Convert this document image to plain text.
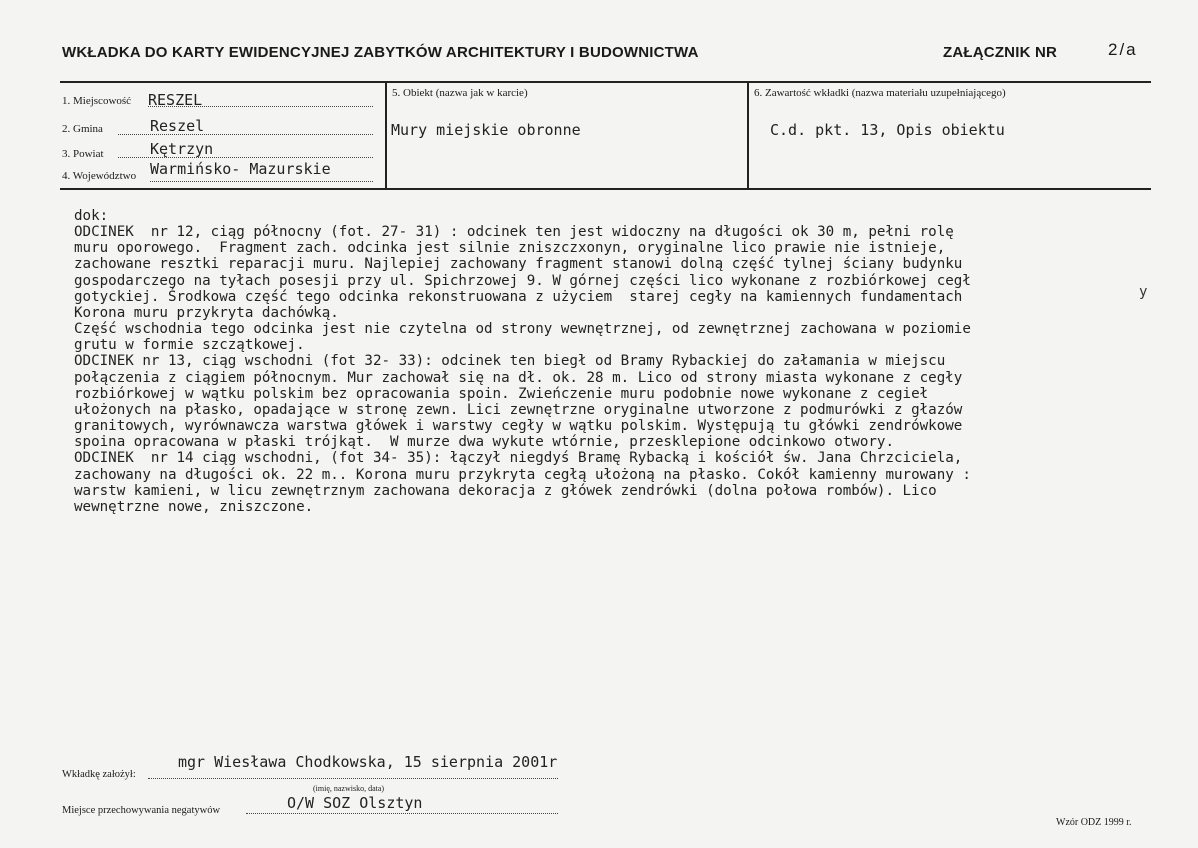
WKŁADKA DO KARTY EWIDENCYJNEJ ZABYTKÓW ARCHITEKTURY I BUDOWNICTWA	ZAŁĄCZNIK NR	2/a
1. Miejscowość RESZEL
2. Gmina	Reszel
3. Powiat	Kętrzyn
4. Województwo Warmińsko- Mazurskie
5. Obiekt (nazwa jak w karcie)
Mury miejskie obronne
6. Zawartość wkładki (nazwa materiału uzupełniającego)
C.d. pkt. 13, Opis obiektu
dok:
ODCINEK  nr 12, ciąg północny (fot. 27- 31) : odcinek ten jest widoczny na długości ok 30 m, pełni rolę
muru oporowego.  Fragment zach. odcinka jest silnie zniszczxonyn, oryginalne lico prawie nie istnieje,
zachowane resztki reparacji muru. Najlepiej zachowany fragment stanowi dolną część tylnej ściany budynku
gospodarczego na tyłach posesji przy ul. Spichrzowej 9. W górnej części lico wykonane z rozbiórkowej cegł
gotyckiej. Środkowa część tego odcinka rekonstruowana z użyciem  starej cegły na kamiennych fundamentach
Korona muru przykryta dachówką.
Część wschodnia tego odcinka jest nie czytelna od strony wewnętrznej, od zewnętrznej zachowana w poziomie
grutu w formie szczątkowej.
ODCINEK nr 13, ciąg wschodni (fot 32- 33): odcinek ten biegł od Bramy Rybackiej do załamania w miejscu
połączenia z ciągiem północnym. Mur zachował się na dł. ok. 28 m. Lico od strony miasta wykonane z cegły
rozbiórkowej w wątku polskim bez opracowania spoin. Zwieńczenie muru podobnie nowe wykonane z cegieł
ułożonych na płasko, opadające w stronę zewn. Lici zewnętrzne oryginalne utworzone z podmurówki z głazów
granitowych, wyrównawcza warstwa główek i warstwy cegły w wątku polskim. Występują tu główki zendrówkowe
spoina opracowana w płaski trójkąt.  W murze dwa wykute wtórnie, przesklepione odcinkowo otwory.
ODCINEK  nr 14 ciąg wschodni, (fot 34- 35): łączył niegdyś Bramę Rybacką i kościół św. Jana Chrzciciela,
zachowany na długości ok. 22 m.. Korona muru przykryta cegłą ułożoną na płasko. Cokół kamienny murowany :
warstw kamieni, w licu zewnętrznym zachowana dekoracja z główek zendrówki (dolna połowa rombów). Lico
wewnętrzne nowe, zniszczone.
y
Wkładkę założył:
mgr Wiesława Chodkowska, 15 sierpnia 2001r
(imię, nazwisko, data)
Miejsce przechowywania negatywów	O/W SOZ Olsztyn
Wzór ODZ 1999 r.
